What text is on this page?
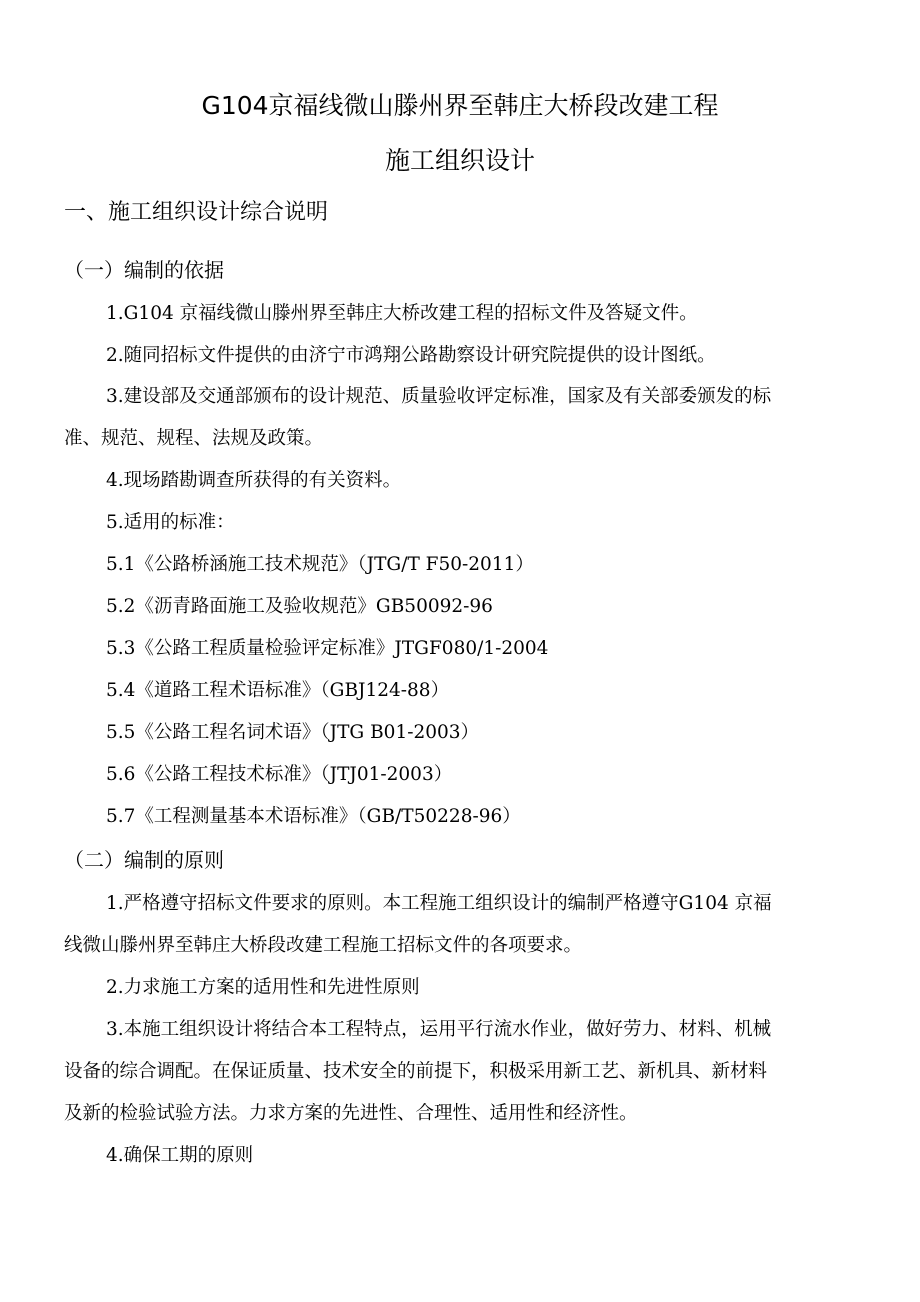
G104京福线微山滕州界至韩庄大桥段改建工程
施工组织设计
一、施工组织设计综合说明
（一）编制的依据
1.G104 京福线微山滕州界至韩庄大桥改建工程的招标文件及答疑文件。
2.随同招标文件提供的由济宁市鸿翔公路勘察设计研究院提供的设计图纸。
3.建设部及交通部颁布的设计规范、质量验收评定标准，国家及有关部委颁发的标
准、规范、规程、法规及政策。
4.现场踏勘调查所获得的有关资料。
5.适用的标准：
5.1《公路桥涵施工技术规范》（JTG/T F50-2011）
5.2《沥青路面施工及验收规范》GB50092-96
5.3《公路工程质量检验评定标准》JTGF080/1-2004
5.4《道路工程术语标准》（GBJ124-88）
5.5《公路工程名词术语》（JTG B01-2003）
5.6《公路工程技术标准》（JTJ01-2003）
5.7《工程测量基本术语标准》（GB/T50228-96）
（二）编制的原则
1.严格遵守招标文件要求的原则。本工程施工组织设计的编制严格遵守G104 京福
线微山滕州界至韩庄大桥段改建工程施工招标文件的各项要求。
2.力求施工方案的适用性和先进性原则
3.本施工组织设计将结合本工程特点，运用平行流水作业，做好劳力、材料、机械
设备的综合调配。在保证质量、技术安全的前提下，积极采用新工艺、新机具、新材料
及新的检验试验方法。力求方案的先进性、合理性、适用性和经济性。
4.确保工期的原则
